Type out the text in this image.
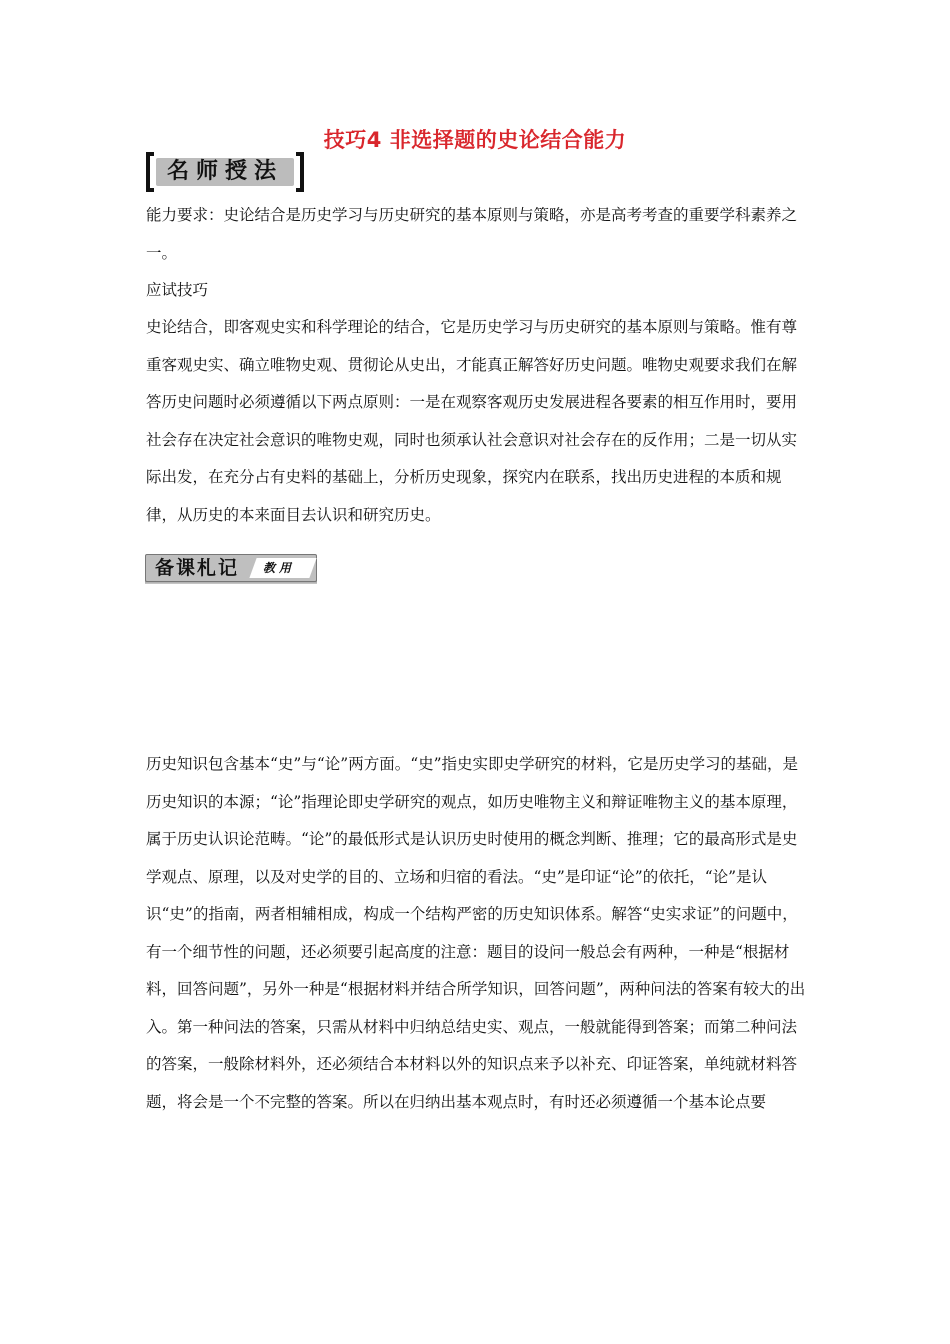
技巧4 非选择题的史论结合能力
名师授法
能力要求：史论结合是历史学习与历史研究的基本原则与策略，亦是高考考查的重要学科素养之一。
应试技巧
史论结合，即客观史实和科学理论的结合，它是历史学习与历史研究的基本原则与策略。惟有尊重客观史实、确立唯物史观、贯彻论从史出，才能真正解答好历史问题。唯物史观要求我们在解答历史问题时必须遵循以下两点原则：一是在观察客观历史发展进程各要素的相互作用时，要用社会存在决定社会意识的唯物史观，同时也须承认社会意识对社会存在的反作用；二是一切从实际出发，在充分占有史料的基础上，分析历史现象，探究内在联系，找出历史进程的本质和规律，从历史的本来面目去认识和研究历史。
备课札记 教用
历史知识包含基本“史”与“论”两方面。“史”指史实即史学研究的材料，它是历史学习的基础，是历史知识的本源；“论”指理论即史学研究的观点，如历史唯物主义和辩证唯物主义的基本原理，属于历史认识论范畴。“论”的最低形式是认识历史时使用的概念判断、推理；它的最高形式是史学观点、原理，以及对史学的目的、立场和归宿的看法。“史”是印证“论”的依托，“论”是认识“史”的指南，两者相辅相成，构成一个结构严密的历史知识体系。解答“史实求证”的问题中，有一个细节性的问题，还必须要引起高度的注意：题目的设问一般总会有两种，一种是“根据材料，回答问题”，另外一种是“根据材料并结合所学知识，回答问题”，两种问法的答案有较大的出入。第一种问法的答案，只需从材料中归纳总结史实、观点，一般就能得到答案；而第二种问法的答案，一般除材料外，还必须结合本材料以外的知识点来予以补充、印证答案，单纯就材料答题，将会是一个不完整的答案。所以在归纳出基本观点时，有时还必须遵循一个基本论点要
